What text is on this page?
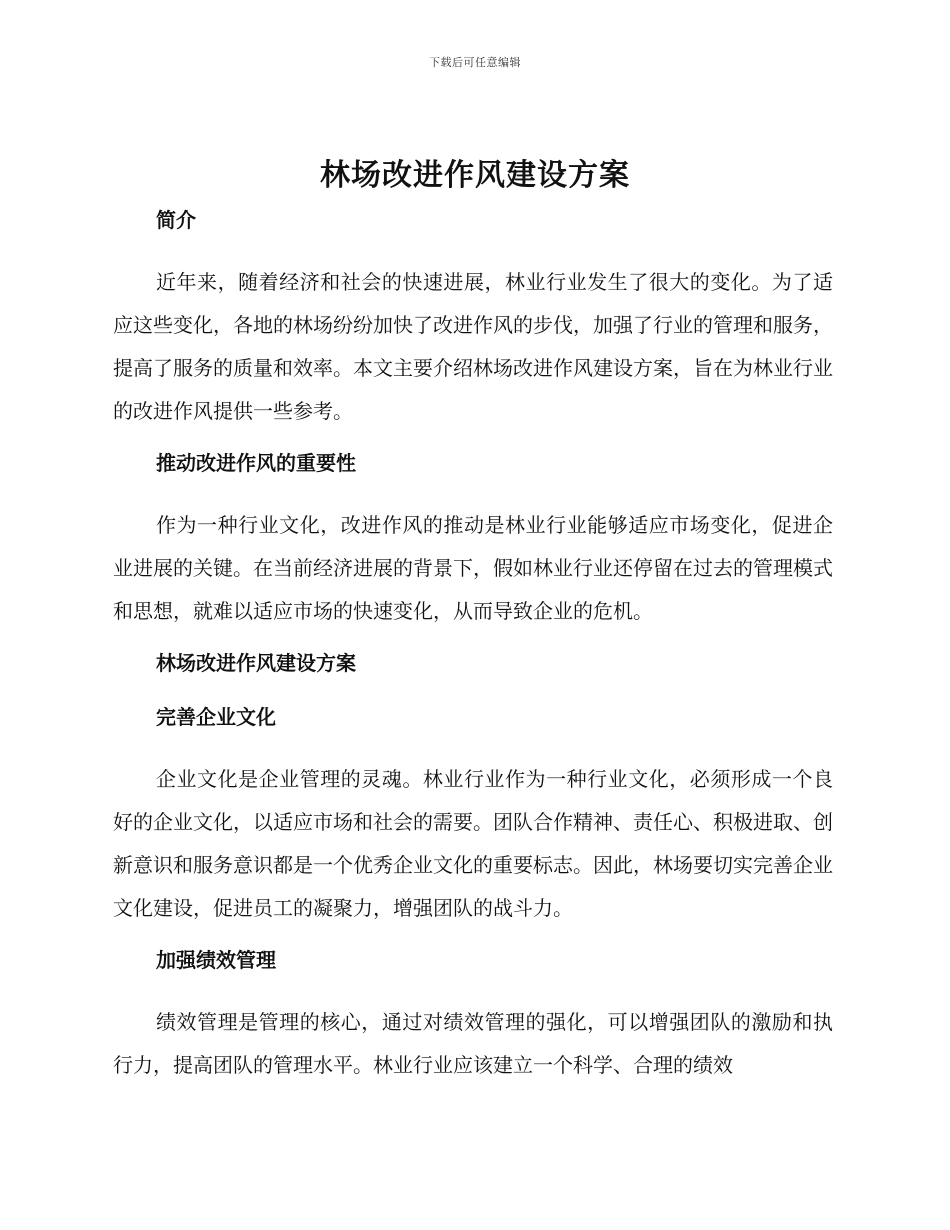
下载后可任意编辑
林场改进作风建设方案

简介

近年来，随着经济和社会的快速进展，林业行业发生了很大的变化。为了适应这些变化，各地的林场纷纷加快了改进作风的步伐，加强了行业的管理和服务，提高了服务的质量和效率。本文主要介绍林场改进作风建设方案，旨在为林业行业的改进作风提供一些参考。

推动改进作风的重要性

作为一种行业文化，改进作风的推动是林业行业能够适应市场变化，促进企业进展的关键。在当前经济进展的背景下，假如林业行业还停留在过去的管理模式和思想，就难以适应市场的快速变化，从而导致企业的危机。

林场改进作风建设方案

完善企业文化

企业文化是企业管理的灵魂。林业行业作为一种行业文化，必须形成一个良好的企业文化，以适应市场和社会的需要。团队合作精神、责任心、积极进取、创新意识和服务意识都是一个优秀企业文化的重要标志。因此，林场要切实完善企业文化建设，促进员工的凝聚力，增强团队的战斗力。

加强绩效管理

绩效管理是管理的核心，通过对绩效管理的强化，可以增强团队的激励和执行力，提高团队的管理水平。林业行业应该建立一个科学、合理的绩效
